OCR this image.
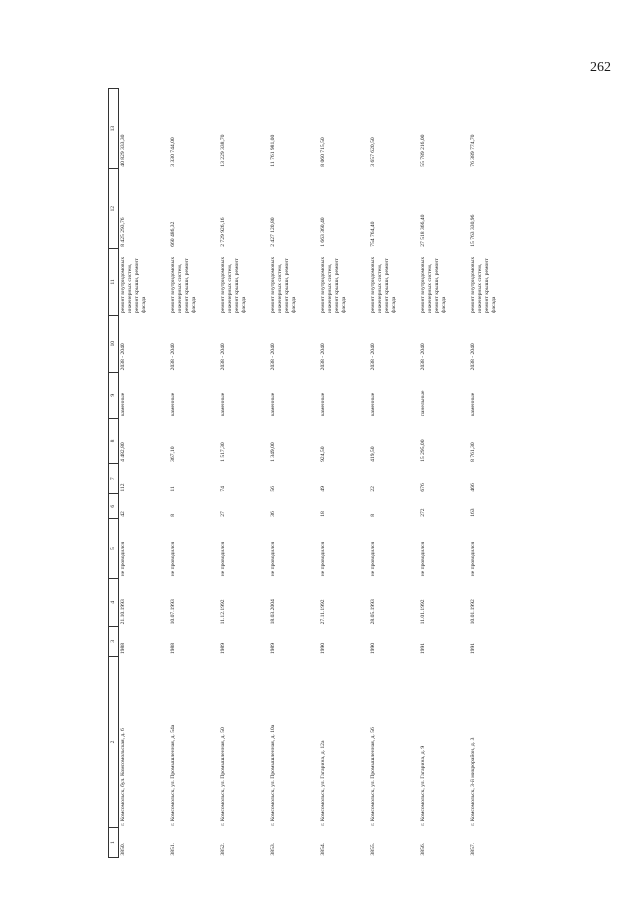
262
1	2	3	4	5	6	7	8	9	10	11	12	13
3850.	г. Комсомольск, бул. Комсомольская, д. 6	1988	21.10.1993	не проводился	42	112	4 482,80	каменные	2038 - 2040	ремонт внутридомовых инженерных систем, ремонт крыши, ремонт фасада	8 425 293,76	40 829 333,30
3851.	г. Комсомольск, ул. Промышленная, д. 54а	1988	10.07.1993	не проводился	8	11	367,10	каменные	2038 - 2040	ремонт внутридомовых инженерных систем, ремонт крыши, ремонт фасада	660 486,32	3 330 744,00
3852.	г. Комсомольск, ул. Промышленная, д. 50	1989	11.12.1992	не проводился	27	74	1 517,30	каменные	2038 - 2040	ремонт внутридомовых инженерных систем, ремонт крыши, ремонт фасада	2 729 926,16	13 229 338,70
3853.	г. Комсомольск, ул. Промышленная, д. 10а	1989	18.03.2004	не проводился	36	56	1 349,00	каменные	2038 - 2040	ремонт внутридомовых инженерных систем, ремонт крыши, ремонт фасада	2 427 120,80	11 761 981,00
3854.	г. Комсомольск, ул. Гагарина, д. 12а	1990	27.11.1992	не проводился	18	49	924,50	каменные	2038 - 2040	ремонт внутридомовых инженерных систем, ремонт крыши, ремонт фасада	1 663 360,40	8 060 715,50
3855.	г. Комсомольск, ул. Промышленная, д. 56	1990	28.05.1993	не проводился	8	22	419,50	каменные	2038 - 2040	ремонт внутридомовых инженерных систем, ремонт крыши, ремонт фасада	754 764,40	3 657 620,50
3856.	г. Комсомольск, ул. Гагарина, д. 9	1991	11.01.1992	не проводился	272	676	15 295,00	панельные	2038 - 2040	ремонт внутридомовых инженерных систем, ремонт крыши, ремонт фасада	27 518 366,40	55 789 216,00
3857.	г. Комсомольск, 3-й микрорайон, д. 3	1991	10.01.1992	не проводился	163	466	8 761,30	каменные	2038 - 2040	ремонт внутридомовых инженерных систем, ремонт крыши, ремонт фасада	15 763 330,96	76 389 774,70
